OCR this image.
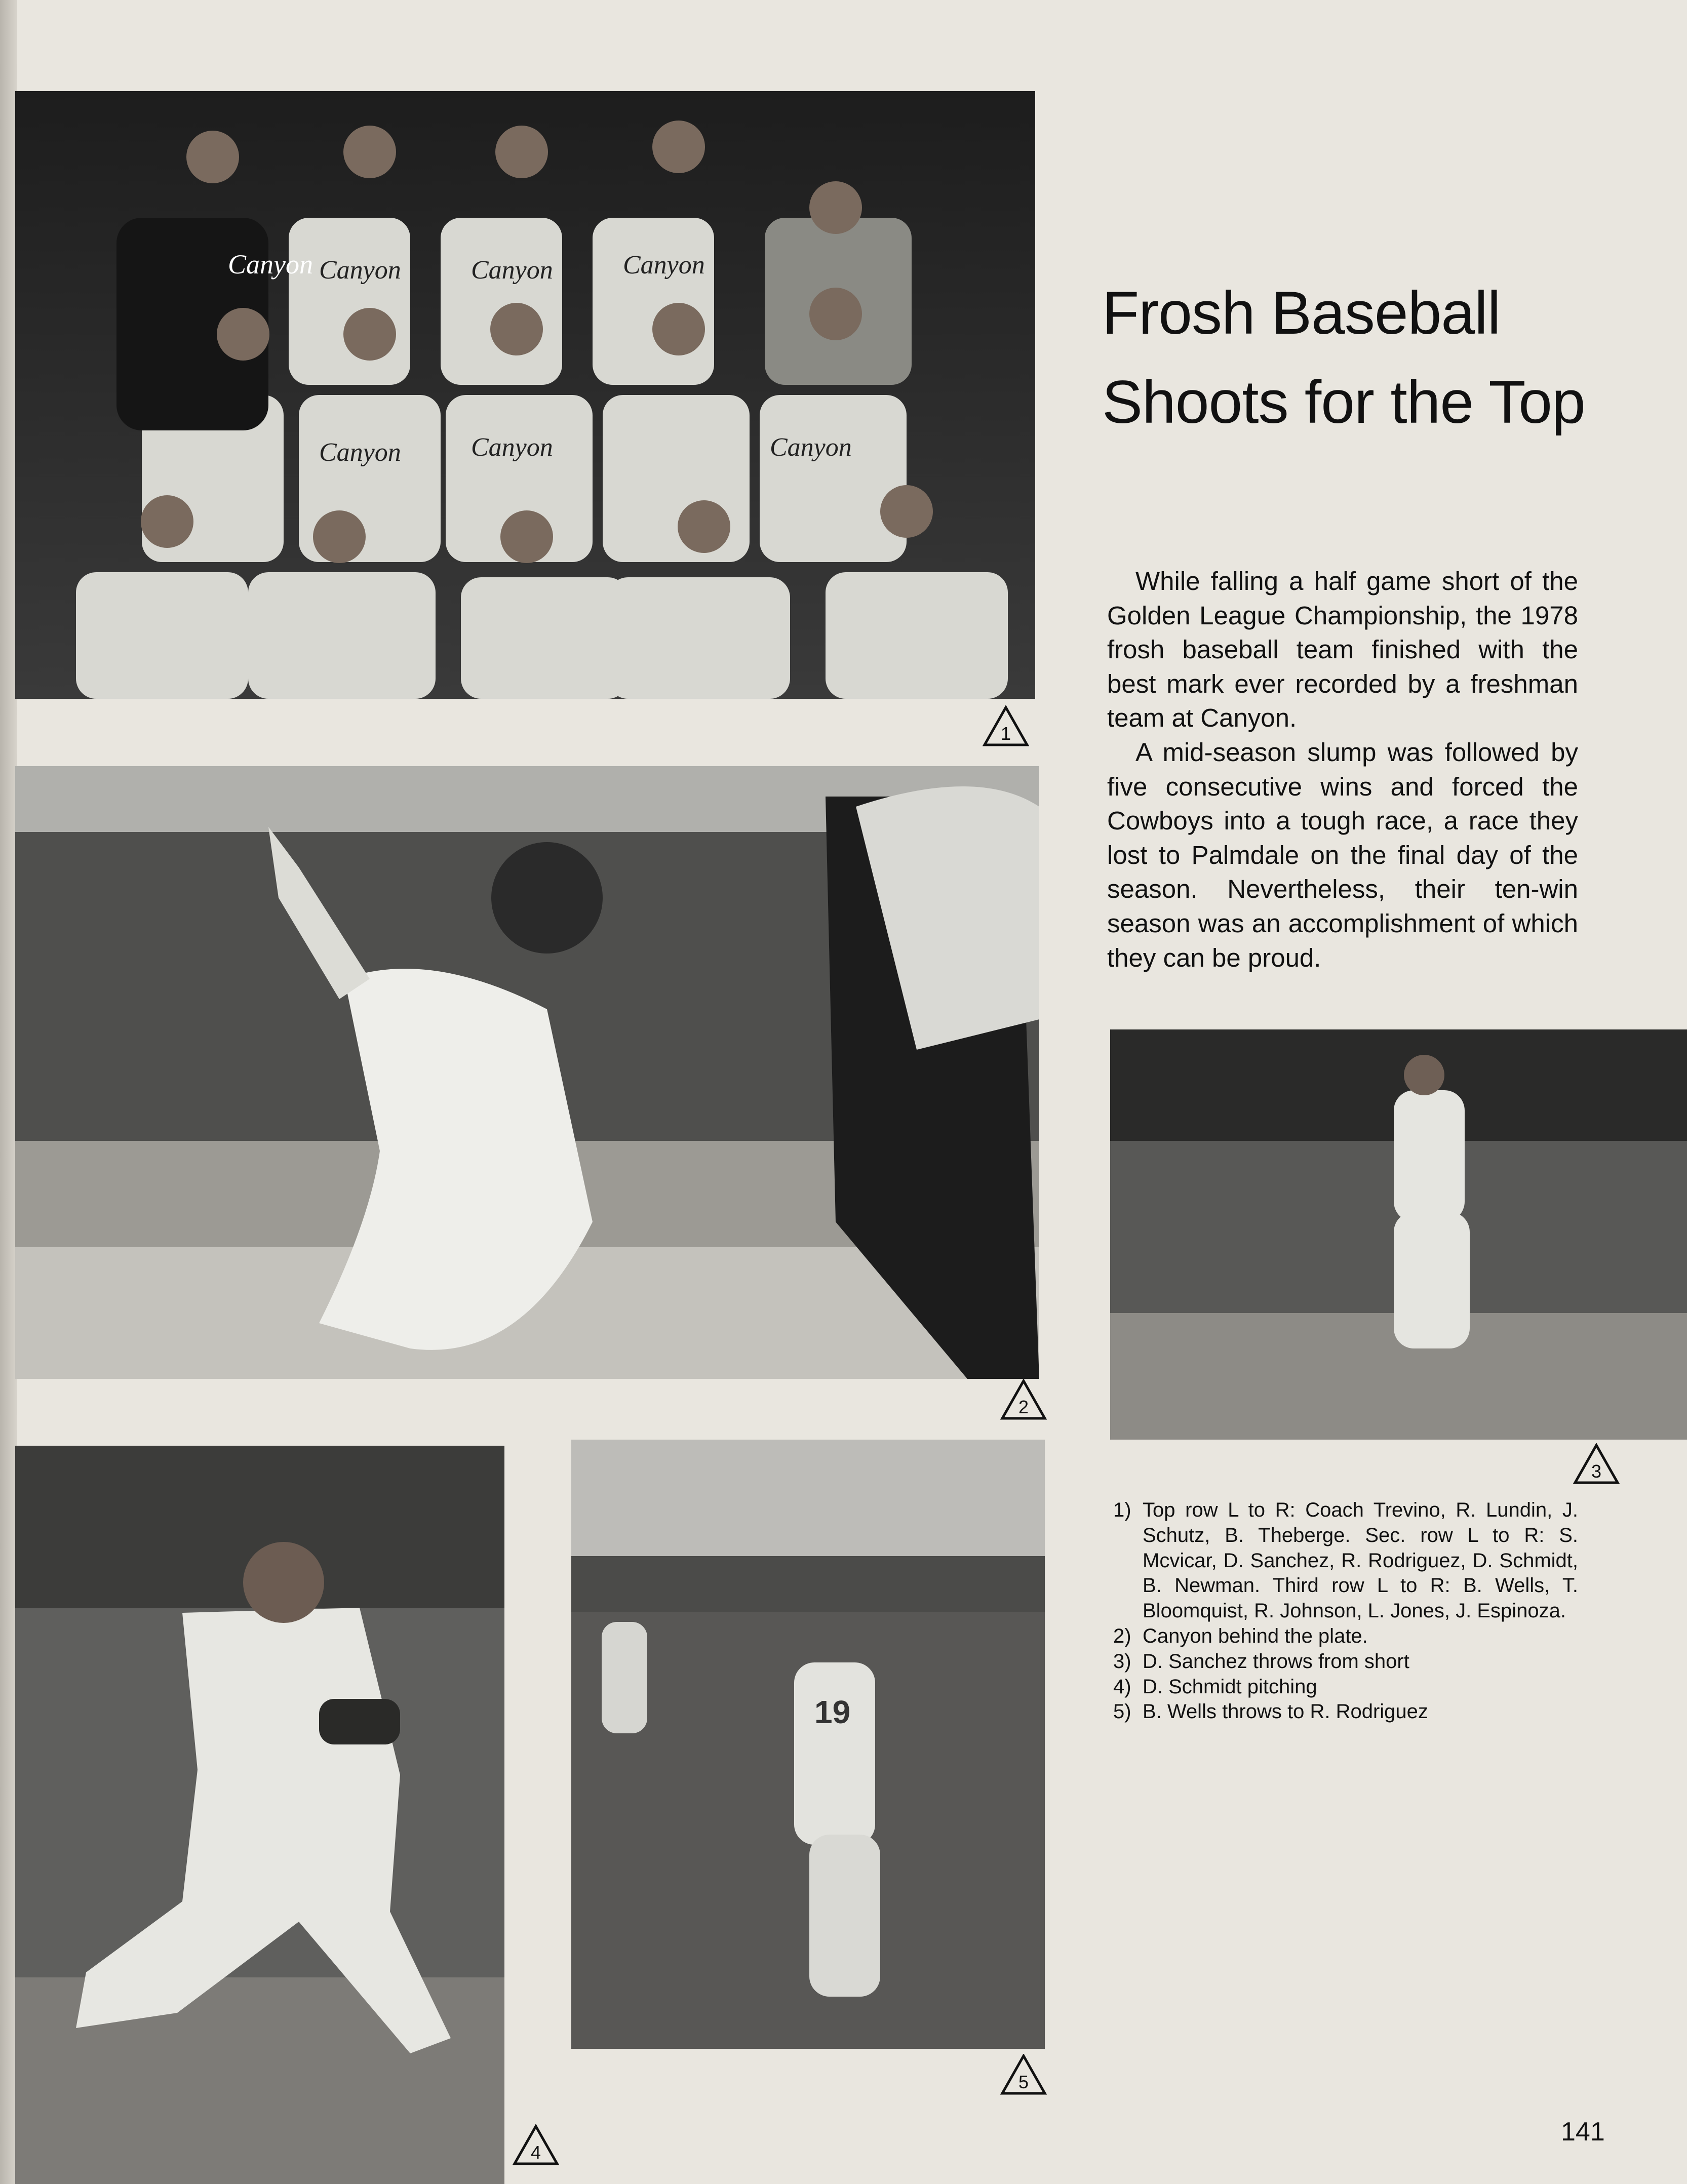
Canyon Canyon	Canyon	Canyon
Canyon	Canyon	Canyon
1
2
3
4
19
5
Frosh Baseball Shoots for the Top

While falling a half game short of the Golden League Championship, the 1978 frosh baseball team finished with the best mark ever recorded by a freshman team at Canyon.

A mid-season slump was followed by five consecutive wins and forced the Cowboys into a tough race, a race they lost to Palmdale on the final day of the season. Nevertheless, their ten-win season was an accomplishment of which they can be proud.

1) Top row L to R: Coach Trevino, R. Lundin, J. Schutz, B. Theberge. Sec. row L to R: S. Mcvicar, D. Sanchez, R. Rodriguez, D. Schmidt, B. Newman. Third row L to R: B. Wells, T. Bloomquist, R. Johnson, L. Jones, J. Espinoza.
2) Canyon behind the plate.
3) D. Sanchez throws from short
4) D. Schmidt pitching
5) B. Wells throws to R. Rodriguez
141
